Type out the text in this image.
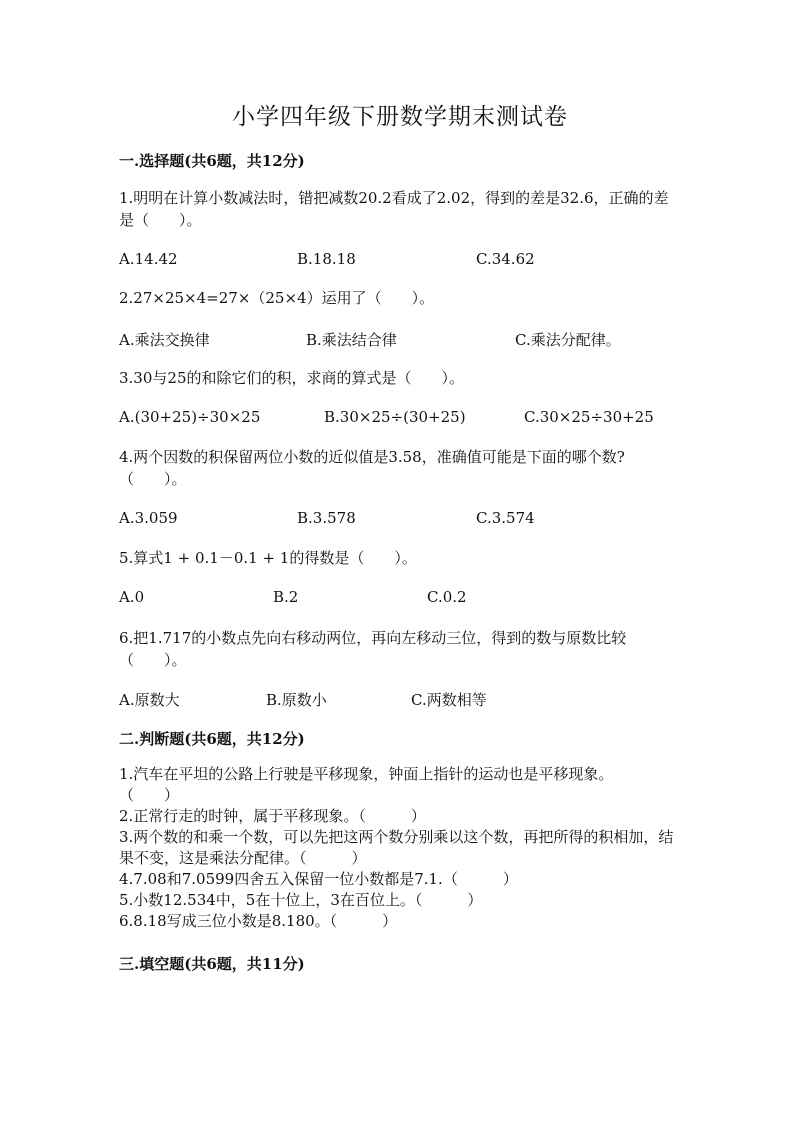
小学四年级下册数学期末测试卷
一.选择题(共6题，共12分)
1.明明在计算小数减法时，错把减数20.2看成了2.02，得到的差是32.6，正确的差是（　　）。
A.14.42	B.18.18	C.34.62
2.27×25×4=27×（25×4）运用了（　　）。
A.乘法交换律	B.乘法结合律	C.乘法分配律。
3.30与25的和除它们的积，求商的算式是（　　）。
A.(30+25)÷30×25	B.30×25÷(30+25)	C.30×25÷30+25
4.两个因数的积保留两位小数的近似值是3.58，准确值可能是下面的哪个数?（　　）。
A.3.059	B.3.578	C.3.574
5.算式1 + 0.1－0.1 + 1的得数是（　　）。
A.0	B.2	C.0.2
6.把1.717的小数点先向右移动两位，再向左移动三位，得到的数与原数比较（　　）。
A.原数大	B.原数小	C.两数相等
二.判断题(共6题，共12分)
1.汽车在平坦的公路上行驶是平移现象，钟面上指针的运动也是平移现象。　　　　（　　）
2.正常行走的时钟，属于平移现象。（　　　）
3.两个数的和乘一个数，可以先把这两个数分别乘以这个数，再把所得的积相加，结果不变，这是乘法分配律。（　　　）
4.7.08和7.0599四舍五入保留一位小数都是7.1.（　　　）
5.小数12.534中，5在十位上，3在百位上。（　　　）
6.8.18写成三位小数是8.180。（　　　）
三.填空题(共6题，共11分)
